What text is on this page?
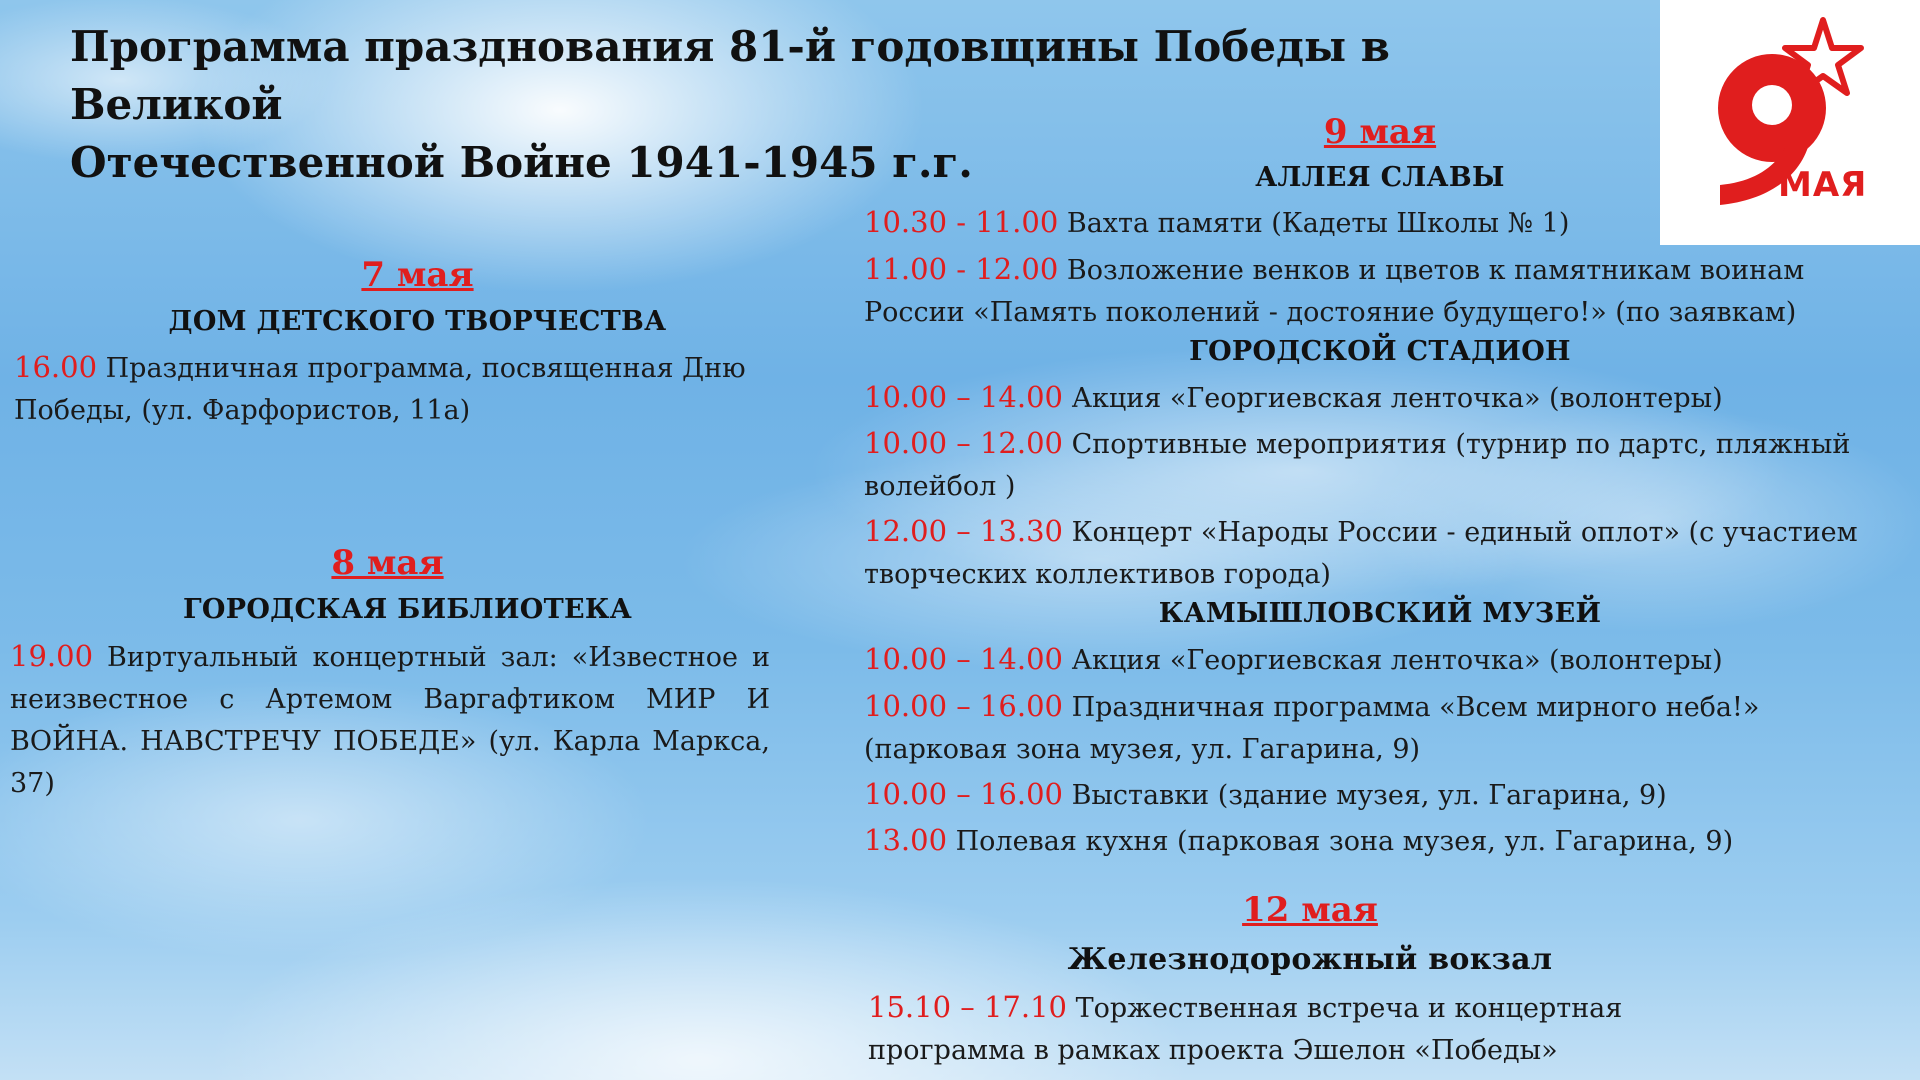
Программа празднования 81-й годовщины Победы в Великой
Отечественной Войне 1941-1945 г.г.	МАЯ
7 мая
ДОМ ДЕТСКОГО ТВОРЧЕСТВА

16.00 Праздничная программа, посвященная Дню Победы, (ул. Фарфористов, 11а)

8 мая
ГОРОДСКАЯ БИБЛИОТЕКА

19.00 Виртуальный концертный зал: «Известное и неизвестное с Артемом Варгафтиком МИР И ВОЙНА. НАВСТРЕЧУ ПОБЕДЕ» (ул. Карла Маркса, 37)

9 мая
АЛЛЕЯ СЛАВЫ

10.30 - 11.00 Вахта памяти (Кадеты Школы № 1)

11.00 - 12.00 Возложение венков и цветов к памятникам воинам России «Память поколений - достояние будущего!» (по заявкам)

ГОРОДСКОЙ СТАДИОН

10.00 – 14.00 Акция «Георгиевская ленточка» (волонтеры)

10.00 – 12.00 Спортивные мероприятия (турнир по дартс, пляжный волейбол )

12.00 – 13.30 Концерт «Народы России - единый оплот» (с участием творческих коллективов города)

КАМЫШЛОВСКИЙ МУЗЕЙ

10.00 – 14.00 Акция «Георгиевская ленточка» (волонтеры)

10.00 – 16.00 Праздничная программа «Всем мирного неба!» (парковая зона музея, ул. Гагарина, 9)

10.00 – 16.00 Выставки (здание музея, ул. Гагарина, 9)

13.00 Полевая кухня (парковая зона музея, ул. Гагарина, 9)

12 мая
Железнодорожный вокзал

15.10 – 17.10 Торжественная встреча и концертная программа в рамках проекта Эшелон «Победы»
